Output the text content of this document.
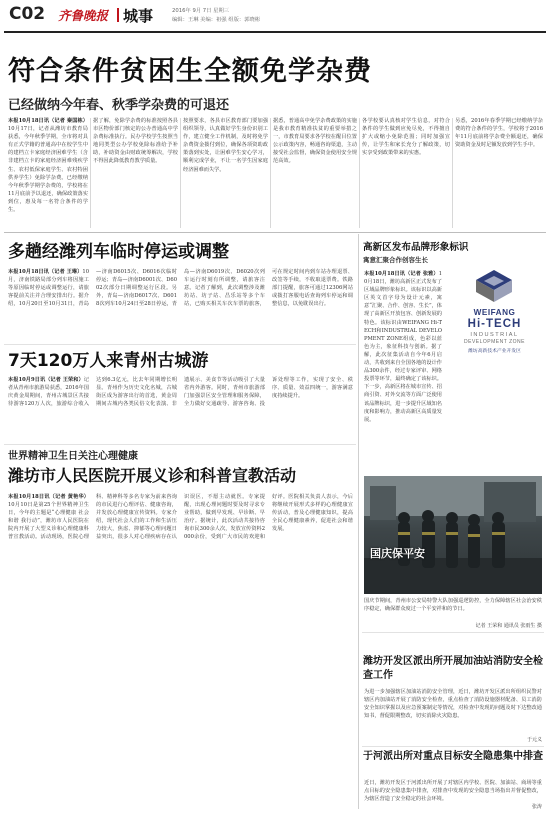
C02 齐鲁晚报 城事	2016年 9月 7日 星期三
编辑：王琳 美编：祖强 组版：郭晓彬
符合条件贫困生全额免学杂费
已经做纳今年春、秋季学杂费的可退还
本报10月18日讯（记者 秦国栋）10月17日，记者从潍坊市教育局获悉，今年秋季学期，全市将对具有正式学籍的普通高中在校学生中的建档立卡家庭经济困难学生（含非建档立卡的家庭经济困难残疾学生、农村低保家庭学生、农村特困供养学生）免除学杂费。已经缴纳今年秋季学期学杂费的，学校将在11月底前予以退还，确保政策落实到位，惠及每一名符合条件的学生。
据了解，免除学杂费的标准按照各县市区物价部门核定的公办普通高中学杂费标准执行。民办学校学生按照当地同类型公办学校免除标准给予补助，补助资金由财政统筹解决，学校不得因此降低教育教学质量。
按照要求，各县市区教育部门要加强组织领导，认真做好学生身份识别工作，建立健全工作机制，及时将免学杂费资金拨付到位，确保各项资助政策落到实处，让困难学生安心学习，顺利完成学业，不让一名学生因家庭经济困难而失学。
据悉，普通高中免学杂费政策的实施是我市教育精准扶贫的重要举措之一，市教育局要求各学校在醒目位置公示政策内容，畅通咨询渠道，主动接受社会监督，确保资金使用安全规范高效。
各学校要认真核对学生信息，对符合条件的学生做到应免尽免，不得擅自扩大或缩小免除范围；同时加强宣传，让学生和家长充分了解政策，切实享受到政策带来的实惠。
另悉，2016年春季学期已经缴纳学杂费的符合条件的学生，学校将于2016年11月底前将学杂费全额退还，确保资助资金及时足额发放到学生手中。
多趟经潍列车临时停运或调整
本报10月18日讯（记者 王琳）10月，济南铁路局部分列车将因施工等原因临时停运或调整运行，请旅客提前关注并合理安排出行。据介绍，10月20日至10月31日，青岛—济南D6015次、D6016次临时停运；青岛—济南D6001次、D6002次部分日期调整运行区段。另外，青岛—济南D6017次、D6018次列车10月24日至28日停运，青岛—济南D6019次、D6020次列车运行时刻有所调整，请旅客注意。记者了解到，此次调整涉及潍坊站、坊子站、昌乐站等多个车站，已购买相关车次车票的旅客，可在规定时间内到车站办理退票、改签等手续，不收取退票费。铁路部门提醒，旅客可通过12306网站或拨打客服电话查询列车停运和调整信息，以免耽误出行。
7天120万人来青州古城游
本报10月9日讯（记者 王荣和）记者从青州市旅游局获悉，2016年国庆黄金周期间，青州古城景区共接待游客120万人次，旅游综合收入达到6.3亿元，比去年同期增长明显。青州作为历史文化名城，古城街区成为游客出行的首选，黄金周期间古城内各类民俗文化表演、非遗展示、美食节等活动吸引了大量省内外游客。同时，青州市旅游部门加强景区安全管理和服务保障，全力做好交通疏导、游客咨询、投诉处理等工作，实现了安全、秩序、质量、效益四统一，游客满意度持续提升。
世界精神卫生日关注心理健康
潍坊市人民医院开展义诊和科普宣教活动
本报10月18日讯（记者 黄艳华）10月10日是第25个世界精神卫生日，今年的主题是“心理健康 社会和谐 我行动”，潍坊市人民医院在院内开展了大型义诊和心理健康科普宣教活动。活动现场，医院心理科、精神科等多名专家为前来咨询的市民进行心理评估、健康咨询，并发放心理健康宣传资料。专家介绍，现代社会人们的工作和生活压力较大，焦虑、抑郁等心理问题日益突出，很多人对心理疾病存在认识误区，不愿主动就医。专家提醒，出现心理问题时要及时寻求专业帮助，做到早发现、早诊断、早治疗。据统计，此次活动共接待咨询市民300余人次，发放宣传资料2000余份，受到广大市民的欢迎和好评。医院相关负责人表示，今后将继续开展形式多样的心理健康宣传活动，普及心理健康知识，提高全民心理健康素养，促进社会和谐发展。
高新区发布品牌形象标识
寓意汇聚合作创容生长
本报10月18日讯（记者 张雅）10月18日，潍坊高新区正式发布了区域品牌形象标识。该标识以高新区英文首字母为设计元素，寓意“汇聚、合作、创容、生长”，体现了高新区开放包容、创新发展的特色。该标识由WEIFANG Hi-TECH和INDUSTRIAL DEVELOPMENT ZONE组成，色彩以蓝色为主，象征科技与创新。据了解，此次征集活动自今年6月启动，共收到来自全国各地的设计作品300余件，经过专家评审、网络投票等环节，最终确定了该标识。下一步，高新区将在城市宣传、招商引资、对外交流等方面广泛使用该品牌标识，进一步提升区域知名度和影响力，推动高新区高质量发展。
WEIFANG
Hi-TECH
INDUSTRIAL
DEVELOPMENT ZONE
潍坊高新技术产业开发区
国庆保平安
国庆节期间，青州市公安局特警大队加强巡逻防控，全力保障辖区社会治安秩序稳定，确保群众度过一个平安祥和的节日。
记者 王荣和 通讯员 张雨生 摄
潍坊开发区派出所开展加油站消防安全检查工作
为进一步加强辖区加油站消防安全管理，近日，潍坊开发区派出所组织民警对辖区内加油站开展了消防安全检查，重点检查了消防设施器材配备、员工消防安全知识掌握以及应急预案制定等情况，对检查中发现的问题及时下达整改通知书，督促限期整改，切实消除火灾隐患。
于元义
于河派出所对重点目标安全隐患集中排查
近日，潍坊开发区于河派出所开展了对辖区内学校、医院、加油站、商场等重点目标的安全隐患集中排查，对排查中发现的安全隐患当场指出并督促整改，为辖区营造了安全稳定的社会环境。
张涛
